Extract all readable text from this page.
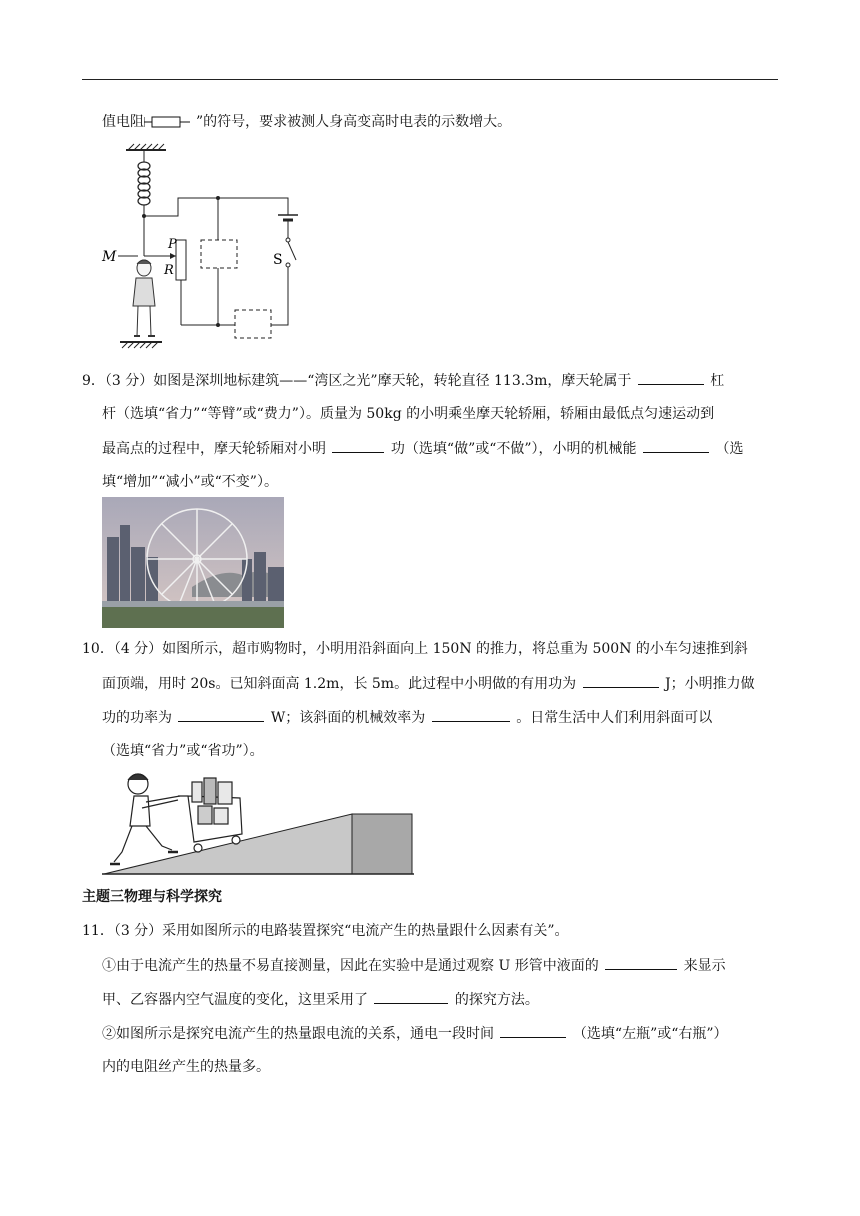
值电阻	”的符号，要求被测人身高变高时电表的示数增大。
S
R
P
M
9．（3 分）如图是深圳地标建筑——“湾区之光”摩天轮，转轮直径 113.3m，摩天轮属于	杠
杆（选填“省力”“等臂”或“费力”）。质量为 50kg 的小明乘坐摩天轮轿厢，轿厢由最低点匀速运动到
最高点的过程中，摩天轮轿厢对小明	功（选填“做”或“不做”），小明的机械能	（选
填“增加”“减小”或“不变”）。
10．（4 分）如图所示，超市购物时，小明用沿斜面向上 150N 的推力，将总重为 500N 的小车匀速推到斜
面顶端，用时 20s。已知斜面高 1.2m，长 5m。此过程中小明做的有用功为	J；小明推力做
功的功率为	W；该斜面的机械效率为	。日常生活中人们利用斜面可以
（选填“省力”或“省功”）。
主题三物理与科学探究
11．（3 分）采用如图所示的电路装置探究“电流产生的热量跟什么因素有关”。
①由于电流产生的热量不易直接测量，因此在实验中是通过观察 U 形管中液面的	来显示
甲、乙容器内空气温度的变化，这里采用了	的探究方法。
②如图所示是探究电流产生的热量跟电流的关系，通电一段时间	（选填“左瓶”或“右瓶”）
内的电阻丝产生的热量多。
